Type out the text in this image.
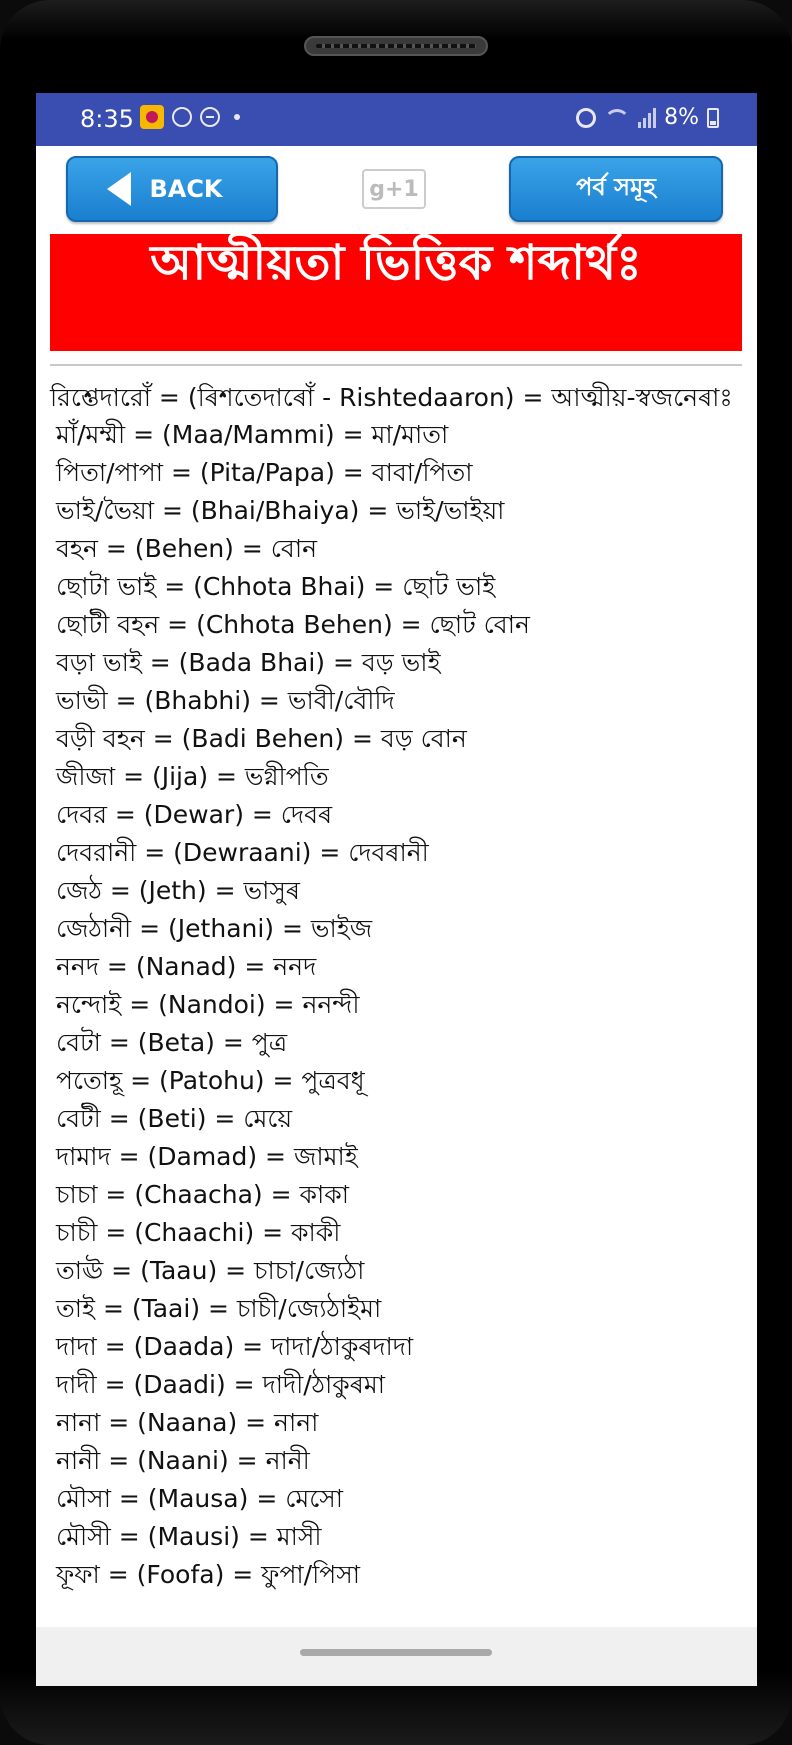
8:35	8%
BACK	g+1	পর্ব সমূহ
আত্মীয়তা ভিত্তিক শব্দার্থঃ
রিশ্তেদারোঁ = (ৰিশতেদাৰোঁ - Rishtedaaron) = আত্মীয়-স্বজনেৰাঃ
মাঁ/মম্মী = (Maa/Mammi) = মা/মাতা
পিতা/পাপা = (Pita/Papa) = বাবা/পিতা
ভাই/ভৈয়া = (Bhai/Bhaiya) = ভাই/ভাইয়া
বহন = (Behen) = বোন
ছোটা ভাই = (Chhota Bhai) = ছোট ভাই
ছোটী বহন = (Chhota Behen) = ছোট বোন
বড়া ভাই = (Bada Bhai) = বড় ভাই
ভাভী = (Bhabhi) = ভাবী/বৌদি
বড়ী বহন = (Badi Behen) = বড় বোন
জীজা = (Jija) = ভগ্নীপতি
দেবর = (Dewar) = দেবৰ
দেবরানী = (Dewraani) = দেবৰানী
জেঠ = (Jeth) = ভাসুৰ
জেঠানী = (Jethani) = ভাইজ
ননদ = (Nanad) = ননদ
নন্দোই = (Nandoi) = ননন্দী
বেটা = (Beta) = পুত্র
পতোহূ = (Patohu) = পুত্রবধূ
বেটী = (Beti) = মেয়ে
দামাদ = (Damad) = জামাই
চাচা = (Chaacha) = কাকা
চাচী = (Chaachi) = কাকী
তাঊ = (Taau) = চাচা/জ্যেঠা
তাই = (Taai) = চাচী/জ্যেঠাইমা
দাদা = (Daada) = দাদা/ঠাকুৰদাদা
দাদী = (Daadi) = দাদী/ঠাকুৰমা
নানা = (Naana) = নানা
নানী = (Naani) = নানী
মৌসা = (Mausa) = মেসো
মৌসী = (Mausi) = মাসী
ফূফা = (Foofa) = ফুপা/পিসা
